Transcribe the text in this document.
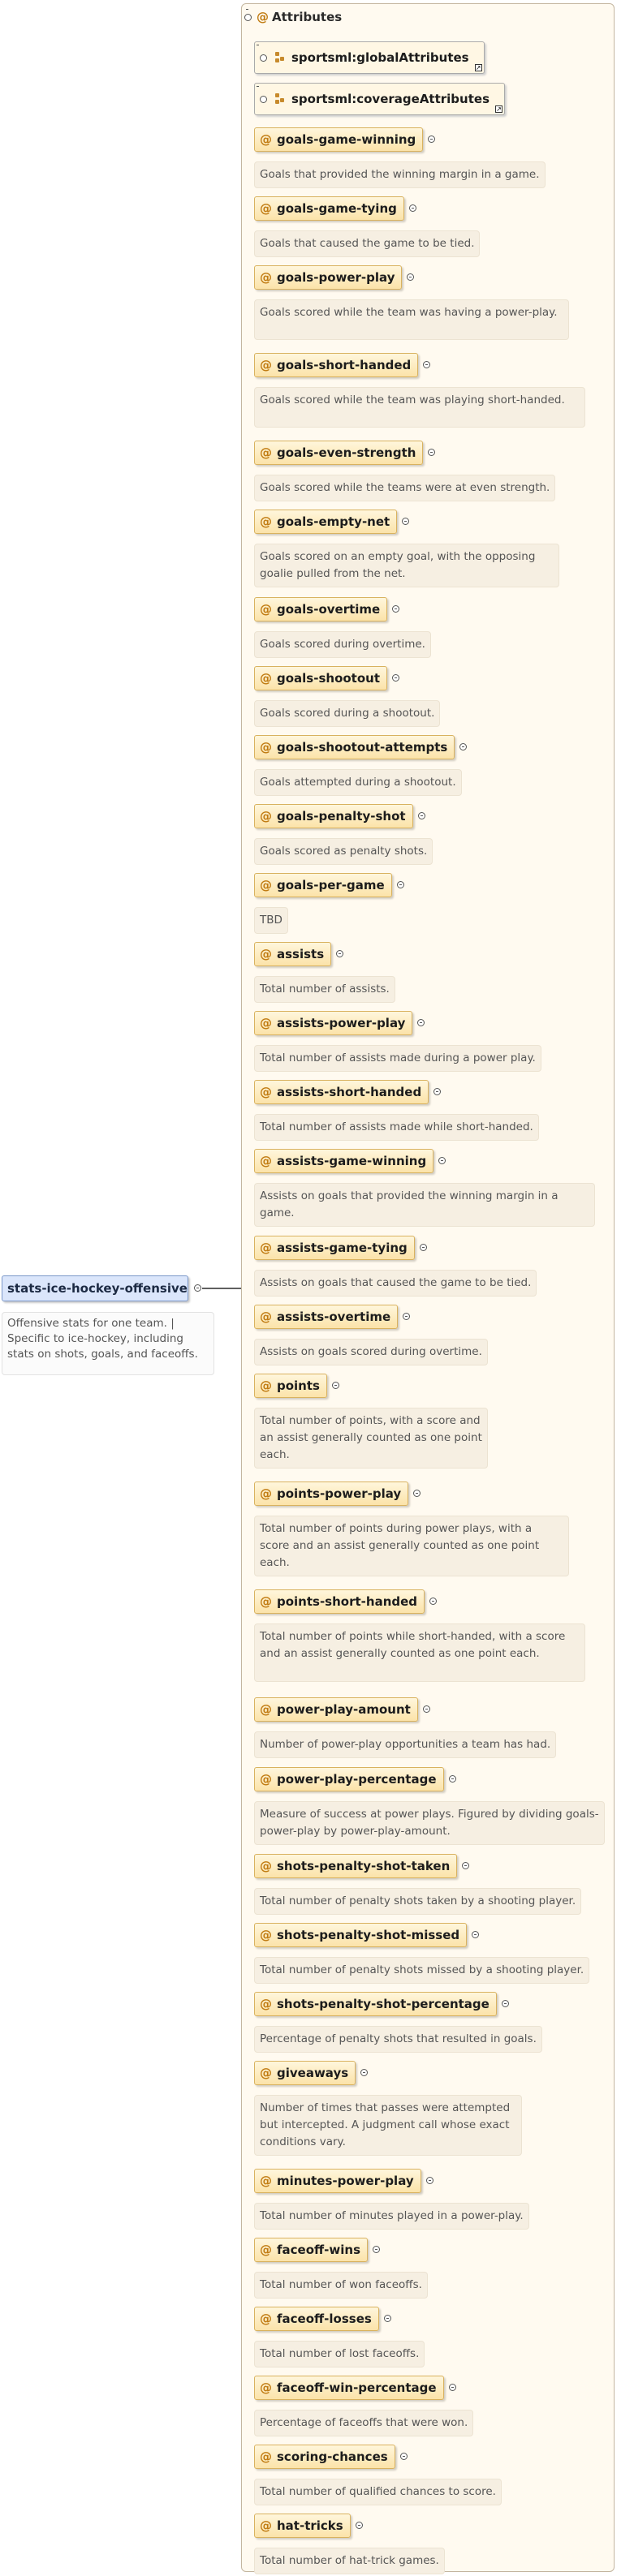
stats-ice-hockey-offensive
Offensive stats for one team. | Specific to ice-hockey, including stats on shots, goals, and faceoffs.
@ Attributes
sportsml:globalAttributes
↗
sportsml:coverageAttributes
↗
@ goals-game-winning
Goals that provided the winning margin in a game.
@ goals-game-tying
Goals that caused the game to be tied.
@ goals-power-play
Goals scored while the team was having a power-play.
@ goals-short-handed
Goals scored while the team was playing short-handed.
@ goals-even-strength
Goals scored while the teams were at even strength.
@ goals-empty-net
Goals scored on an empty goal, with the opposing goalie pulled from the net.
@ goals-overtime
Goals scored during overtime.
@ goals-shootout
Goals scored during a shootout.
@ goals-shootout-attempts
Goals attempted during a shootout.
@ goals-penalty-shot
Goals scored as penalty shots.
@ goals-per-game
TBD
@ assists
Total number of assists.
@ assists-power-play
Total number of assists made during a power play.
@ assists-short-handed
Total number of assists made while short-handed.
@ assists-game-winning
Assists on goals that provided the winning margin in a game.
@ assists-game-tying
Assists on goals that caused the game to be tied.
@ assists-overtime
Assists on goals scored during overtime.
@ points
Total number of points, with a score and an assist generally counted as one point each.
@ points-power-play
Total number of points during power plays, with a score and an assist generally counted as one point each.
@ points-short-handed
Total number of points while short-handed, with a score and an assist generally counted as one point each.
@ power-play-amount
Number of power-play opportunities a team has had.
@ power-play-percentage
Measure of success at power plays. Figured by dividing goals-power-play by power-play-amount.
@ shots-penalty-shot-taken
Total number of penalty shots taken by a shooting player.
@ shots-penalty-shot-missed
Total number of penalty shots missed by a shooting player.
@ shots-penalty-shot-percentage
Percentage of penalty shots that resulted in goals.
@ giveaways
Number of times that passes were attempted but intercepted. A judgment call whose exact conditions vary.
@ minutes-power-play
Total number of minutes played in a power-play.
@ faceoff-wins
Total number of won faceoffs.
@ faceoff-losses
Total number of lost faceoffs.
@ faceoff-win-percentage
Percentage of faceoffs that were won.
@ scoring-chances
Total number of qualified chances to score.
@ hat-tricks
Total number of hat-trick games.
